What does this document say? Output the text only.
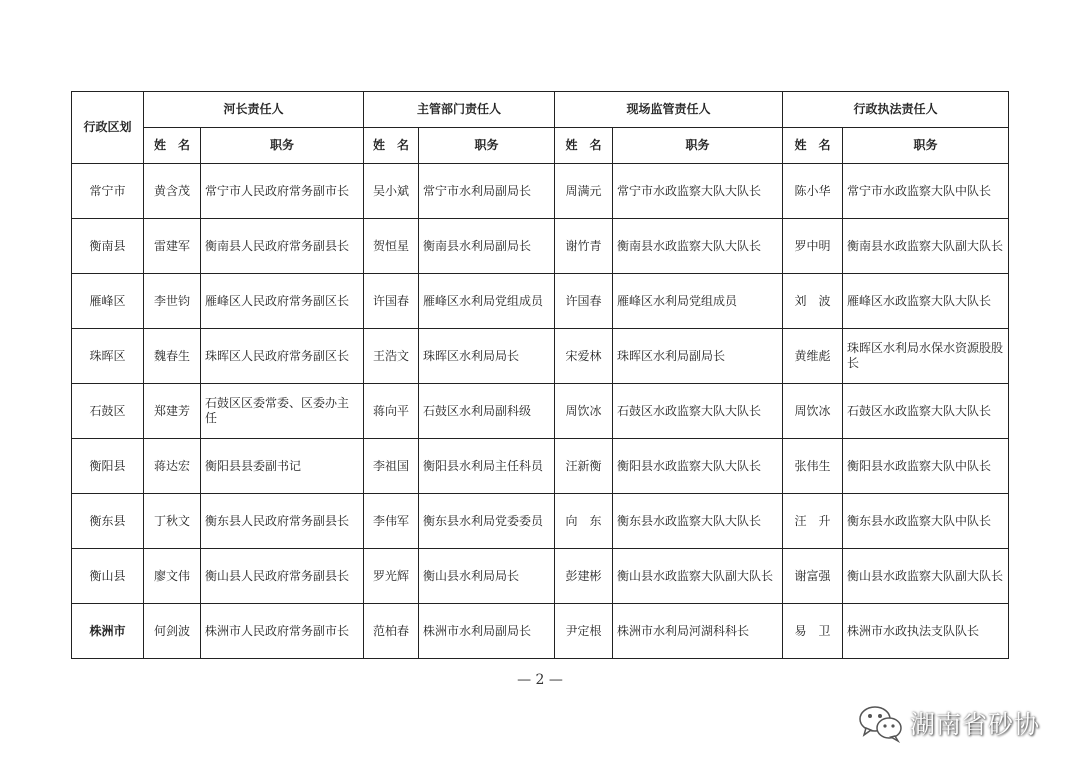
行政区划	河长责任人		主管部门责任人		现场监管责任人		行政执法责任人	
	姓　名	职务	姓　名	职务	姓　名	职务	姓　名	职务
常宁市	黄含茂	常宁市人民政府常务副市长	吴小斌	常宁市水利局副局长	周满元	常宁市水政监察大队大队长	陈小华	常宁市水政监察大队中队长
衡南县	雷建军	衡南县人民政府常务副县长	贺恒星	衡南县水利局副局长	谢竹青	衡南县水政监察大队大队长	罗中明	衡南县水政监察大队副大队长
雁峰区	李世钧	雁峰区人民政府常务副区长	许国春	雁峰区水利局党组成员	许国春	雁峰区水利局党组成员	刘　波	雁峰区水政监察大队大队长
珠晖区	魏春生	珠晖区人民政府常务副区长	王浩文	珠晖区水利局局长	宋爱林	珠晖区水利局副局长	黄维彪	珠晖区水利局水保水资源股股长
石鼓区	郑建芳	石鼓区区委常委、区委办主任	蒋向平	石鼓区水利局副科级	周饮冰	石鼓区水政监察大队大队长	周饮冰	石鼓区水政监察大队大队长
衡阳县	蒋达宏	衡阳县县委副书记	李祖国	衡阳县水利局主任科员	汪新衡	衡阳县水政监察大队大队长	张伟生	衡阳县水政监察大队中队长
衡东县	丁秋文	衡东县人民政府常务副县长	李伟军	衡东县水利局党委委员	向　东	衡东县水政监察大队大队长	汪　升	衡东县水政监察大队中队长
衡山县	廖文伟	衡山县人民政府常务副县长	罗光辉	衡山县水利局局长	彭建彬	衡山县水政监察大队副大队长	谢富强	衡山县水政监察大队副大队长
株洲市	何剑波	株洲市人民政府常务副市长	范柏春	株洲市水利局副局长	尹定根	株洲市水利局河湖科科长	易　卫	株洲市水政执法支队队长
— 2 —
湖南省砂协
